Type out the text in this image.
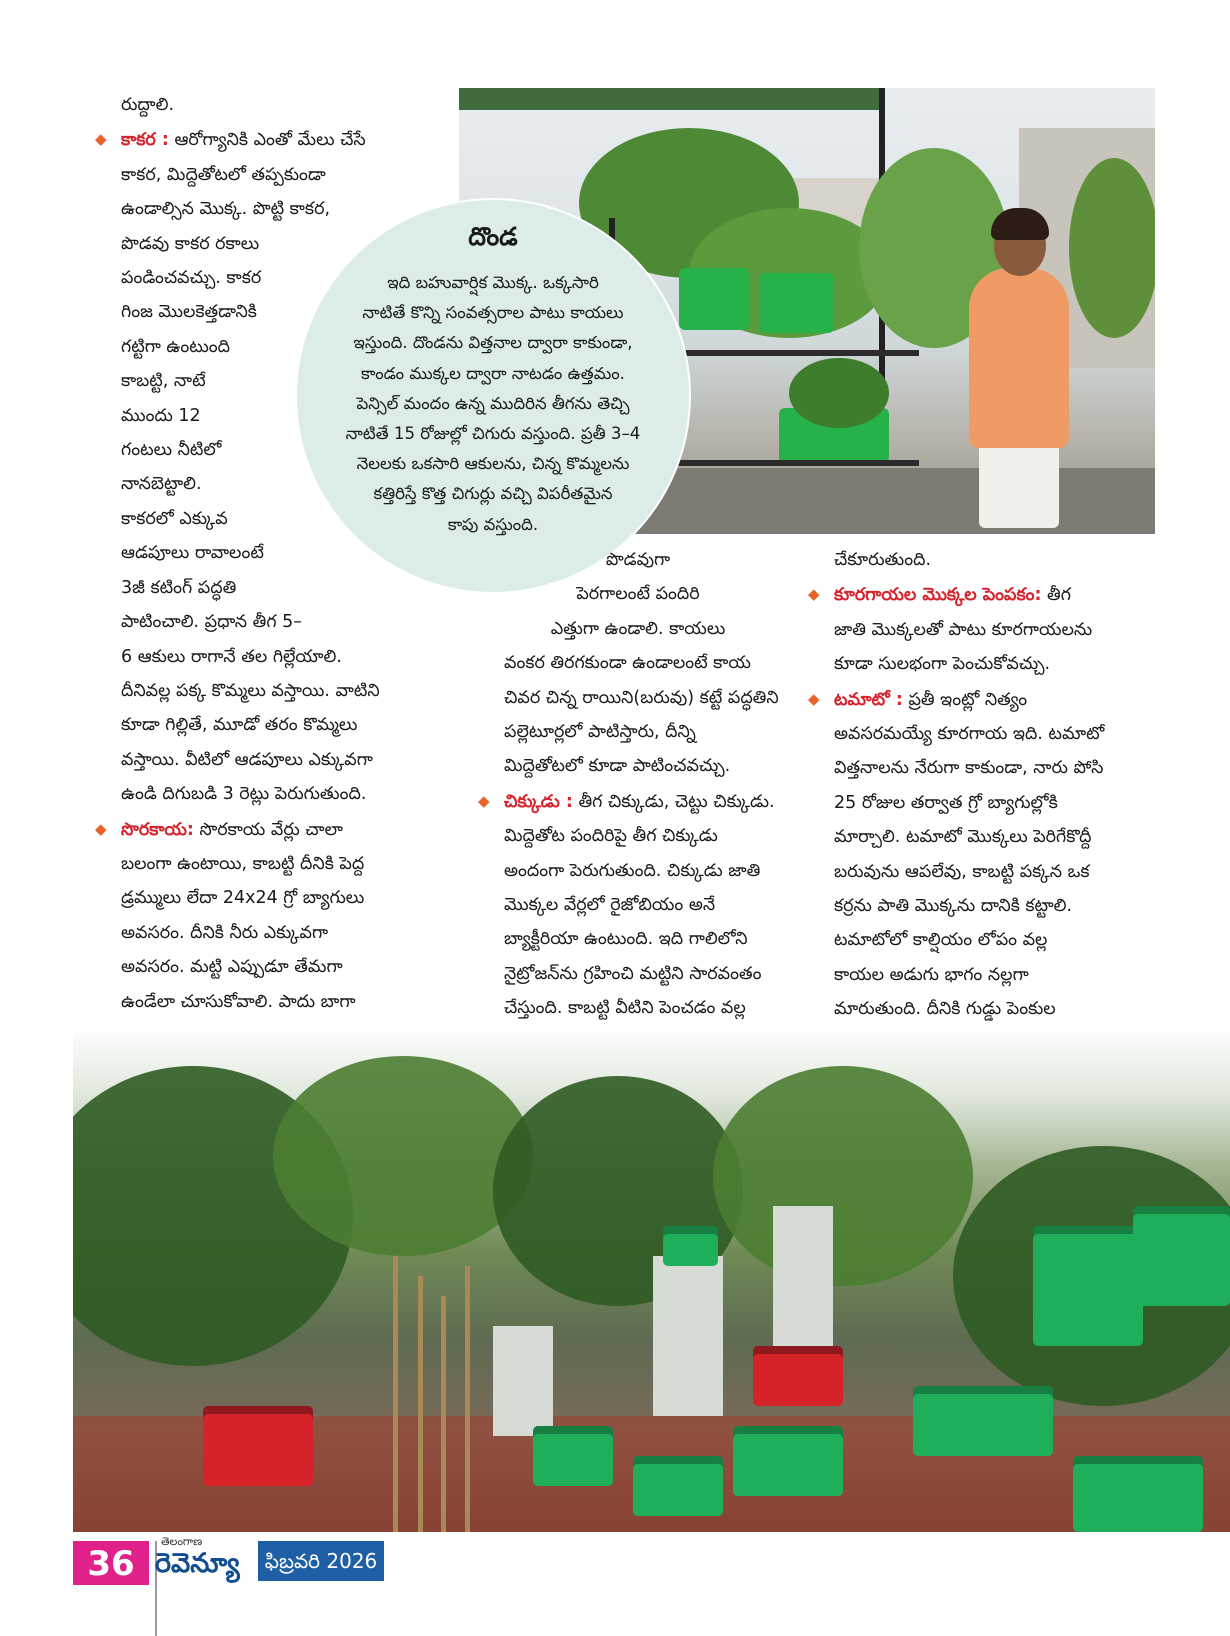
రుద్దాలి.

◆ కాకర : ఆరోగ్యానికి ఎంతో మేలు చేసే

కాకర, మిద్దెతోటలో తప్పకుండా

ఉండాల్సిన మొక్క. పొట్టి కాకర,

పొడవు కాకర రకాలు

పండించవచ్చు. కాకర

గింజ మొలకెత్తడానికి

గట్టిగా ఉంటుంది

కాబట్టి, నాటే

ముందు 12

గంటలు నీటిలో

నానబెట్టాలి.

కాకరలో ఎక్కువ

ఆడపూలు రావాలంటే

3జీ కటింగ్ పద్ధతి

పాటించాలి. ప్రధాన తీగ 5–

6 ఆకులు రాగానే తల గిల్లేయాలి.

దీనివల్ల పక్క కొమ్మలు వస్తాయి. వాటిని

కూడా గిల్లితే, మూడో తరం కొమ్మలు

వస్తాయి. వీటిలో ఆడపూలు ఎక్కువగా

ఉండి దిగుబడి 3 రెట్లు పెరుగుతుంది.

◆ సొరకాయ: సొరకాయ వేర్లు చాలా

బలంగా ఉంటాయి, కాబట్టి దీనికి పెద్ద

డ్రమ్ములు లేదా 24x24 గ్రో బ్యాగులు

అవసరం. దీనికి నీరు ఎక్కువగా

అవసరం. మట్టి ఎప్పుడూ తేమగా

ఉండేలా చూసుకోవాలి. పాదు బాగా

దొండ

ఇది బహువార్షిక మొక్క. ఒక్కసారి

నాటితే కొన్ని సంవత్సరాల పాటు కాయలు

ఇస్తుంది. దొండను విత్తనాల ద్వారా కాకుండా,

కాండం ముక్కల ద్వారా నాటడం ఉత్తమం.

పెన్సిల్ మందం ఉన్న ముదిరిన తీగను తెచ్చి

నాటితే 15 రోజుల్లో చిగురు వస్తుంది. ప్రతీ 3–4

నెలలకు ఒకసారి ఆకులను, చిన్న కొమ్మలను

కత్తిరిస్తే కొత్త చిగుర్లు వచ్చి విపరీతమైన

కాపు వస్తుంది.

పొడవుగా

పెరగాలంటే పందిరి

ఎత్తుగా ఉండాలి. కాయలు

వంకర తిరగకుండా ఉండాలంటే కాయ

చివర చిన్న రాయిని(బరువు) కట్టే పద్ధతిని

పల్లెటూర్లలో పాటిస్తారు, దీన్ని

మిద్దెతోటలో కూడా పాటించవచ్చు.

◆ చిక్కుడు : తీగ చిక్కుడు, చెట్టు చిక్కుడు.

మిద్దెతోట పందిరిపై తీగ చిక్కుడు

అందంగా పెరుగుతుంది. చిక్కుడు జాతి

మొక్కల వేర్లలో రైజోబియం అనే

బ్యాక్టీరియా ఉంటుంది. ఇది గాలిలోని

నైట్రోజన్‌ను గ్రహించి మట్టిని సారవంతం

చేస్తుంది. కాబట్టి వీటిని పెంచడం వల్ల

చేకూరుతుంది.

◆ కూరగాయల మొక్కల పెంపకం: తీగ

జాతి మొక్కలతో పాటు కూరగాయలను

కూడా సులభంగా పెంచుకోవచ్చు.

◆ టమాటో : ప్రతీ ఇంట్లో నిత్యం

అవసరమయ్యే కూరగాయ ఇది. టమాటో

విత్తనాలను నేరుగా కాకుండా, నారు పోసి

25 రోజుల తర్వాత గ్రో బ్యాగుల్లోకి

మార్చాలి. టమాటో మొక్కలు పెరిగేకొద్దీ

బరువును ఆపలేవు, కాబట్టి పక్కన ఒక

కర్రను పాతి మొక్కను దానికి కట్టాలి.

టమాటోలో కాల్షియం లోపం వల్ల

కాయల అడుగు భాగం నల్లగా

మారుతుంది. దీనికి గుడ్డు పెంకుల

36
తెలంగాణ
రెవెన్యూ	ఫిబ్రవరి 2026
